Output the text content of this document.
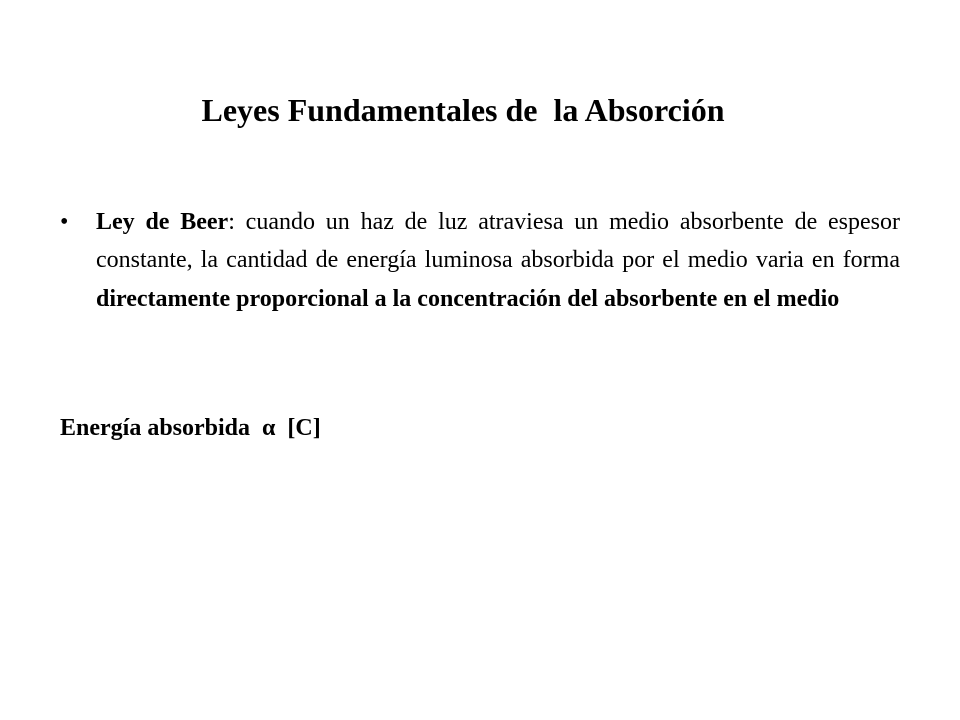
Leyes Fundamentales de  la Absorción
• Ley de Beer: cuando un haz de luz atraviesa un medio absorbente de espesor constante, la cantidad de energía luminosa absorbida por el medio varia en forma directamente proporcional a la concentración del absorbente en el medio
Energía absorbida  α  [C]
